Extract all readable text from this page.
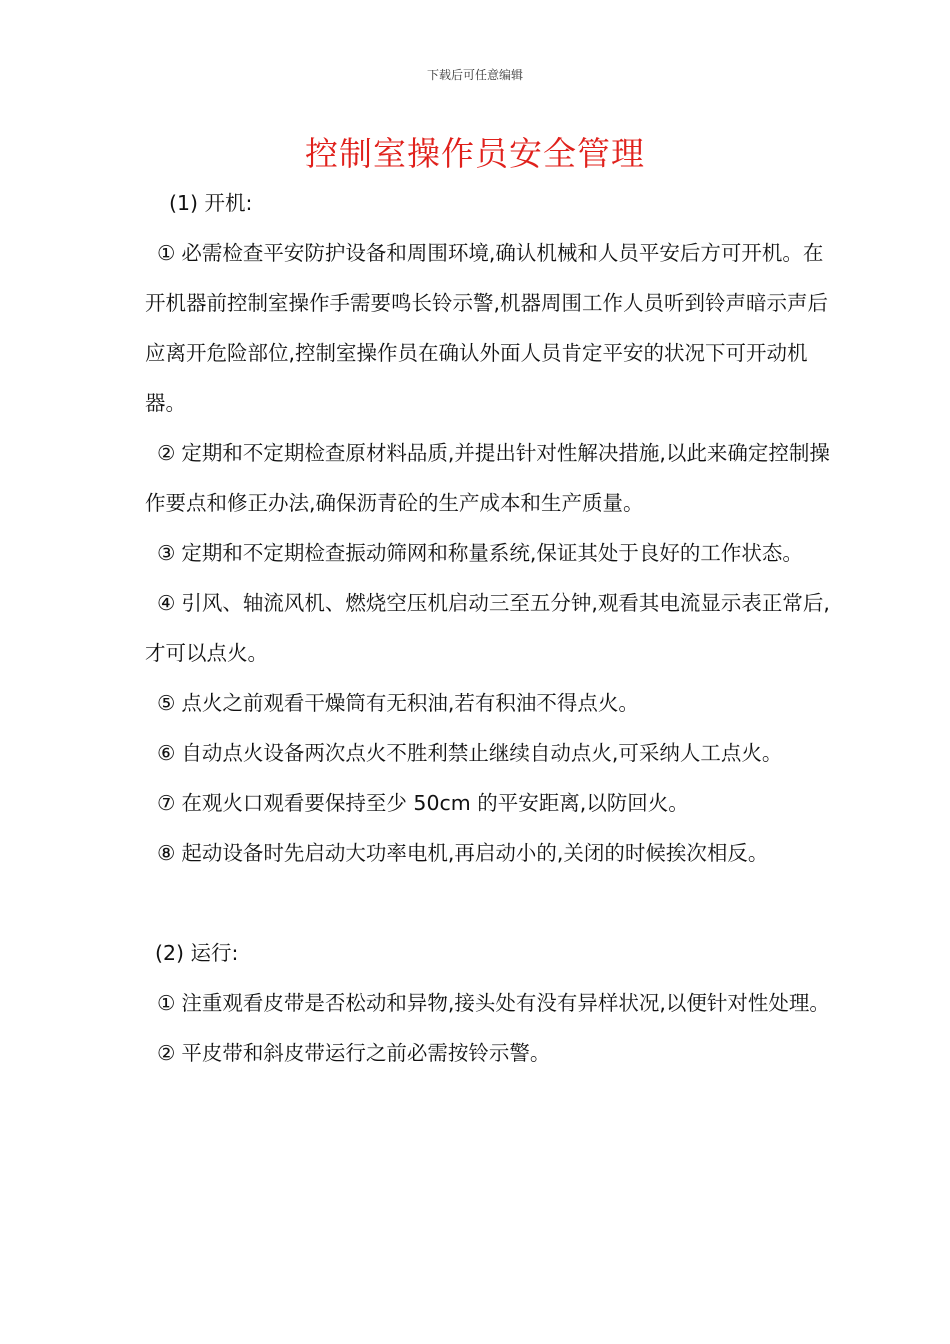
下载后可任意编辑
控制室操作员安全管理

(1) 开机:

① 必需检查平安防护设备和周围环境,确认机械和人员平安后方可开机。在开机器前控制室操作手需要鸣长铃示警,机器周围工作人员听到铃声暗示声后应离开危险部位,控制室操作员在确认外面人员肯定平安的状况下可开动机器。

② 定期和不定期检查原材料品质,并提出针对性解决措施,以此来确定控制操作要点和修正办法,确保沥青砼的生产成本和生产质量。

③ 定期和不定期检查振动筛网和称量系统,保证其处于良好的工作状态。

④ 引风、轴流风机、燃烧空压机启动三至五分钟,观看其电流显示表正常后,才可以点火。

⑤ 点火之前观看干燥筒有无积油,若有积油不得点火。

⑥ 自动点火设备两次点火不胜利禁止继续自动点火,可采纳人工点火。

⑦ 在观火口观看要保持至少 50cm 的平安距离,以防回火。

⑧ 起动设备时先启动大功率电机,再启动小的,关闭的时候挨次相反。

(2) 运行:

① 注重观看皮带是否松动和异物,接头处有没有异样状况,以便针对性处理。

② 平皮带和斜皮带运行之前必需按铃示警。
